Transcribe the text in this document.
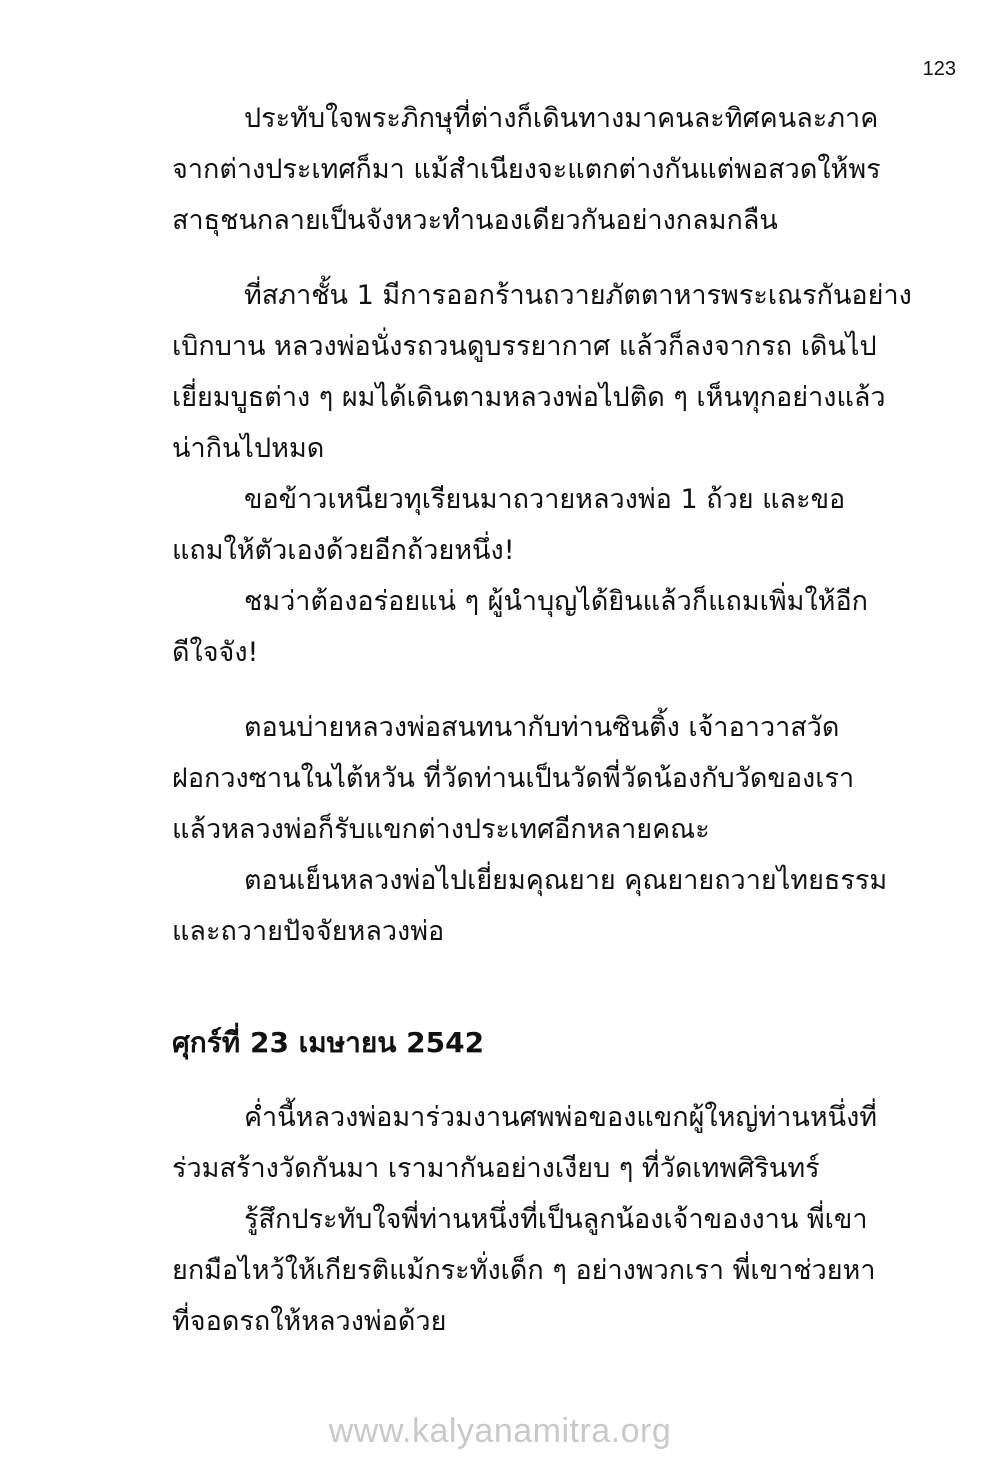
123

ประทับใจพระภิกษุที่ต่างก็เดินทางมาคนละทิศคนละภาค
จากต่างประเทศก็มา แม้สำเนียงจะแตกต่างกันแต่พอสวดให้พร
สาธุชนกลายเป็นจังหวะทำนองเดียวกันอย่างกลมกลืน

ที่สภาชั้น 1 มีการออกร้านถวายภัตตาหารพระเณรกันอย่าง
เบิกบาน หลวงพ่อนั่งรถวนดูบรรยากาศ แล้วก็ลงจากรถ เดินไป
เยี่ยมบูธต่าง ๆ ผมได้เดินตามหลวงพ่อไปติด ๆ เห็นทุกอย่างแล้ว
น่ากินไปหมด

ขอข้าวเหนียวทุเรียนมาถวายหลวงพ่อ 1 ถ้วย และขอ
แถมให้ตัวเองด้วยอีกถ้วยหนึ่ง!

ชมว่าต้องอร่อยแน่ ๆ ผู้นำบุญได้ยินแล้วก็แถมเพิ่มให้อีก
ดีใจจัง!

ตอนบ่ายหลวงพ่อสนทนากับท่านซินติ้ง เจ้าอาวาสวัด
ฝอกวงซานในไต้หวัน ที่วัดท่านเป็นวัดพี่วัดน้องกับวัดของเรา
แล้วหลวงพ่อก็รับแขกต่างประเทศอีกหลายคณะ

ตอนเย็นหลวงพ่อไปเยี่ยมคุณยาย คุณยายถวายไทยธรรม
และถวายปัจจัยหลวงพ่อ

ศุกร์ที่ 23 เมษายน 2542

ค่ำนี้หลวงพ่อมาร่วมงานศพพ่อของแขกผู้ใหญ่ท่านหนึ่งที่
ร่วมสร้างวัดกันมา เรามากันอย่างเงียบ ๆ ที่วัดเทพศิรินทร์

รู้สึกประทับใจพี่ท่านหนึ่งที่เป็นลูกน้องเจ้าของงาน พี่เขา
ยกมือไหว้ให้เกียรติแม้กระทั่งเด็ก ๆ อย่างพวกเรา พี่เขาช่วยหา
ที่จอดรถให้หลวงพ่อด้วย

www.kalyanamitra.org
